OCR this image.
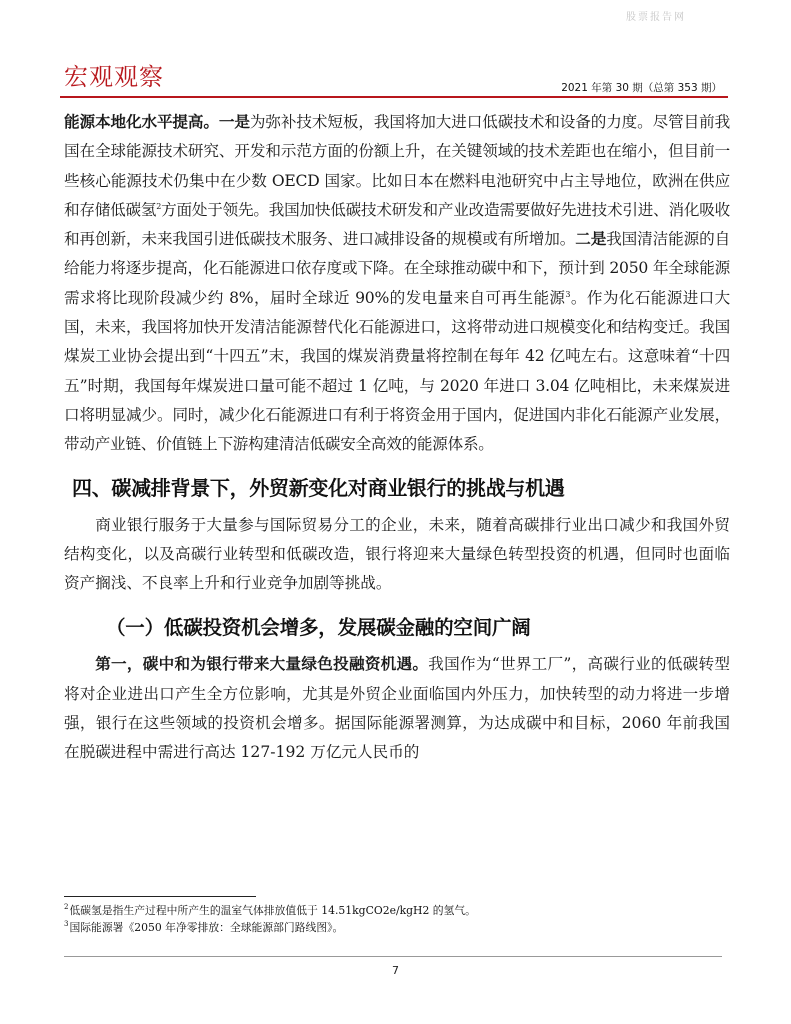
股票报告网
宏观观察	2021 年第 30 期（总第 353 期）

能源本地化水平提高。一是为弥补技术短板，我国将加大进口低碳技术和设备的力度。尽管目前我国在全球能源技术研究、开发和示范方面的份额上升，在关键领域的技术差距也在缩小，但目前一些核心能源技术仍集中在少数 OECD 国家。比如日本在燃料电池研究中占主导地位，欧洲在供应和存储低碳氢$^2$方面处于领先。我国加快低碳技术研发和产业改造需要做好先进技术引进、消化吸收和再创新，未来我国引进低碳技术服务、进口减排设备的规模或有所增加。二是我国清洁能源的自给能力将逐步提高，化石能源进口依存度或下降。在全球推动碳中和下，预计到 2050 年全球能源需求将比现阶段减少约 8%，届时全球近 90%的发电量来自可再生能源$^3$。作为化石能源进口大国，未来，我国将加快开发清洁能源替代化石能源进口，这将带动进口规模变化和结构变迁。我国煤炭工业协会提出到“十四五”末，我国的煤炭消费量将控制在每年 42 亿吨左右。这意味着“十四五”时期，我国每年煤炭进口量可能不超过 1 亿吨，与 2020 年进口 3.04 亿吨相比，未来煤炭进口将明显减少。同时，减少化石能源进口有利于将资金用于国内，促进国内非化石能源产业发展，带动产业链、价值链上下游构建清洁低碳安全高效的能源体系。

四、碳减排背景下，外贸新变化对商业银行的挑战与机遇

商业银行服务于大量参与国际贸易分工的企业，未来，随着高碳排行业出口减少和我国外贸结构变化，以及高碳行业转型和低碳改造，银行将迎来大量绿色转型投资的机遇，但同时也面临资产搁浅、不良率上升和行业竞争加剧等挑战。

（一）低碳投资机会增多，发展碳金融的空间广阔

第一，碳中和为银行带来大量绿色投融资机遇。我国作为“世界工厂”，高碳行业的低碳转型将对企业进出口产生全方位影响，尤其是外贸企业面临国内外压力，加快转型的动力将进一步增强，银行在这些领域的投资机会增多。据国际能源署测算，为达成碳中和目标，2060 年前我国在脱碳进程中需进行高达 127-192 万亿元人民币的

$^2$低碳氢是指生产过程中所产生的温室气体排放值低于 14.51kgCO2e/kgH2 的氢气。
$^3$国际能源署《2050 年净零排放：全球能源部门路线图》。
7
